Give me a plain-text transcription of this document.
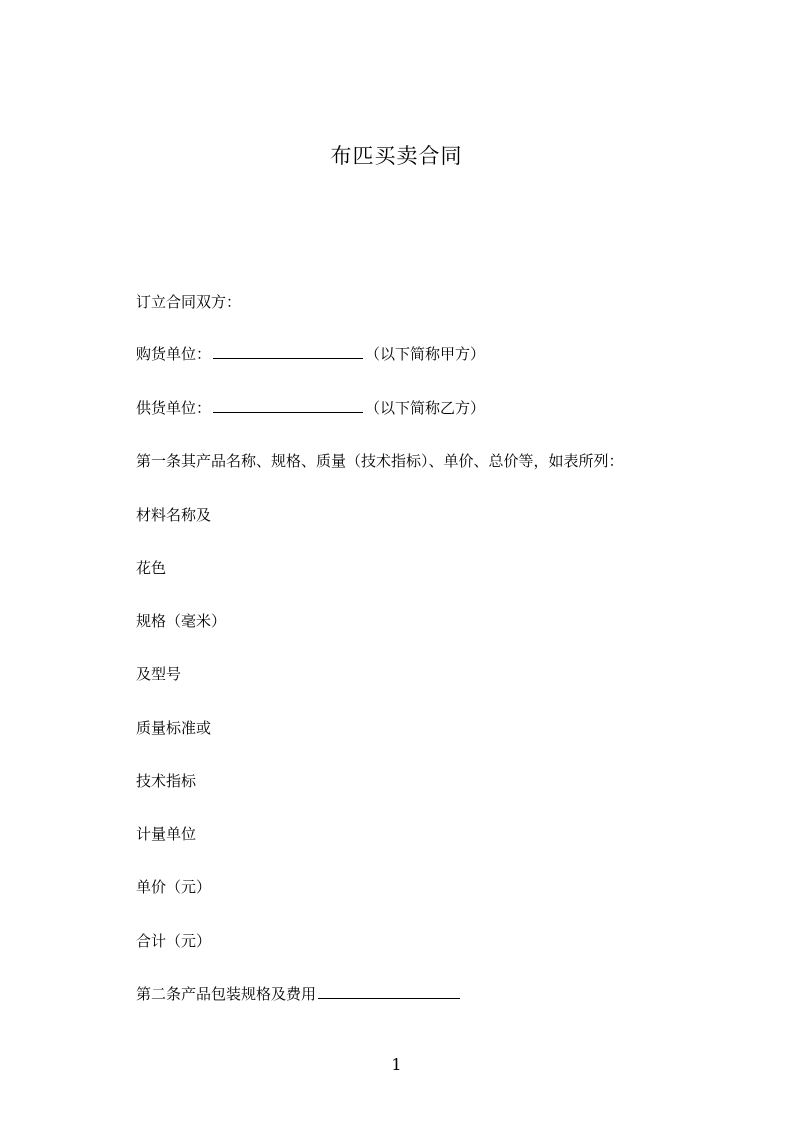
布匹买卖合同
订立合同双方：
购货单位：	（以下简称甲方）
供货单位：	（以下简称乙方）
第一条其产品名称、规格、质量（技术指标）、单价、总价等，如表所列：
材料名称及
花色
规格（毫米）
及型号
质量标准或
技术指标
计量单位
单价（元）
合计（元）
第二条产品包装规格及费用
1
